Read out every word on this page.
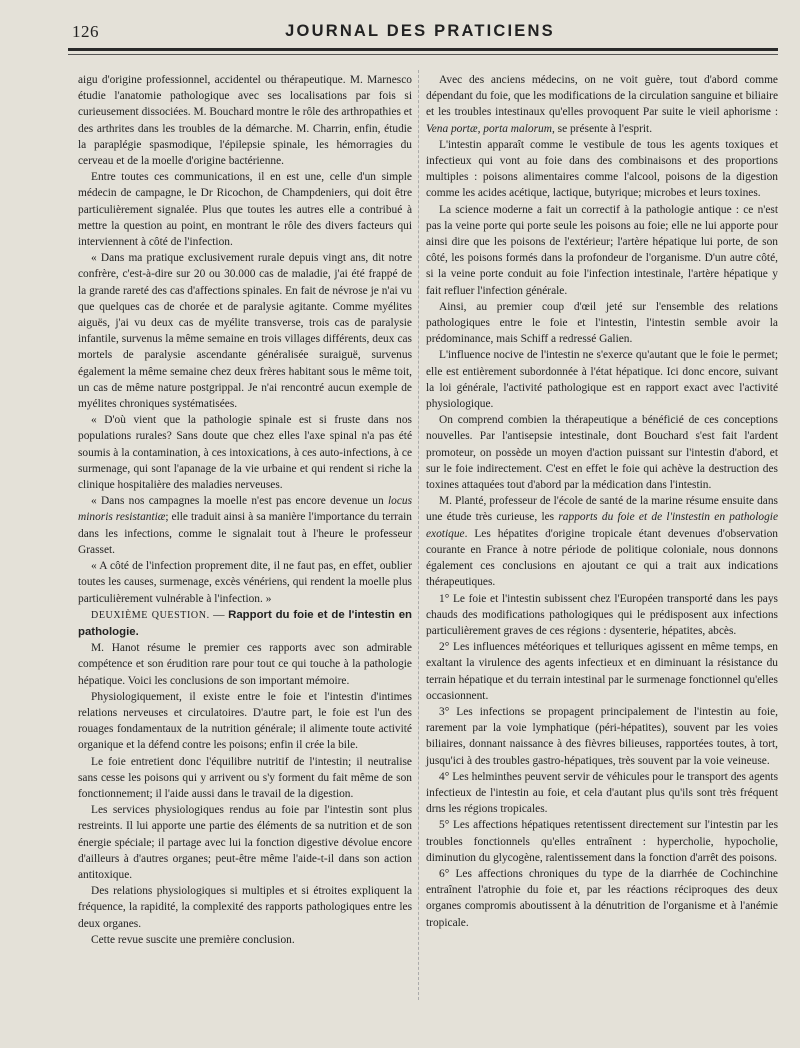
126	JOURNAL DES PRATICIENS

aigu d'origine professionnel, accidentel ou thérapeutique. M. Marnesco étudie l'anatomie pathologique avec ses localisations par fois si curieusement dissociées. M. Bouchard montre le rôle des arthropathies et des arthrites dans les troubles de la démarche. M. Charrin, enfin, étudie la paraplégie spasmodique, l'épilepsie spinale, les hémorragies du cerveau et de la moelle d'origine bactérienne.

Entre toutes ces communications, il en est une, celle d'un simple médecin de campagne, le Dr Ricochon, de Champdeniers, qui doit être particulièrement signalée. Plus que toutes les autres elle a contribué à mettre la question au point, en montrant le rôle des divers facteurs qui interviennent à côté de l'infection.

« Dans ma pratique exclusivement rurale depuis vingt ans, dit notre confrère, c'est-à-dire sur 20 ou 30.000 cas de maladie, j'ai été frappé de la grande rareté des cas d'affections spinales. En fait de névrose je n'ai vu que quelques cas de chorée et de paralysie agitante. Comme myélites aiguës, j'ai vu deux cas de myélite transverse, trois cas de paralysie infantile, survenus la même semaine en trois villages différents, deux cas mortels de paralysie ascendante généralisée suraiguë, survenus également la même semaine chez deux frères habitant sous le même toit, un cas de même nature postgrippal. Je n'ai rencontré aucun exemple de myélites chroniques systématisées.

« D'où vient que la pathologie spinale est si fruste dans nos populations rurales? Sans doute que chez elles l'axe spinal n'a pas été soumis à la contamination, à ces intoxications, à ces auto-infections, à ce surmenage, qui sont l'apanage de la vie urbaine et qui rendent si riche la clinique hospitalière des maladies nerveuses.

« Dans nos campagnes la moelle n'est pas encore devenue un locus minoris resistantiæ; elle traduit ainsi à sa manière l'importance du terrain dans les infections, comme le signalait tout à l'heure le professeur Grasset.

« A côté de l'infection proprement dite, il ne faut pas, en effet, oublier toutes les causes, surmenage, excès vénériens, qui rendent la moelle plus particulièrement vulnérable à l'infection. »

DEUXIÈME QUESTION. — Rapport du foie et de l'intestin en pathologie.

M. Hanot résume le premier ces rapports avec son admirable compétence et son érudition rare pour tout ce qui touche à la pathologie hépatique. Voici les conclusions de son important mémoire.

Physiologiquement, il existe entre le foie et l'intestin d'intimes relations nerveuses et circulatoires. D'autre part, le foie est l'un des rouages fondamentaux de la nutrition générale; il alimente toute activité organique et la défend contre les poisons; enfin il crée la bile.

Le foie entretient donc l'équilibre nutritif de l'intestin; il neutralise sans cesse les poisons qui y arrivent ou s'y forment du fait même de son fonctionnement; il l'aide aussi dans le travail de la digestion.

Les services physiologiques rendus au foie par l'intestin sont plus restreints. Il lui apporte une partie des éléments de sa nutrition et de son énergie spéciale; il partage avec lui la fonction digestive dévolue encore d'ailleurs à d'autres organes; peut-être même l'aide-t-il dans son action antitoxique.

Des relations physiologiques si multiples et si étroites expliquent la fréquence, la rapidité, la complexité des rapports pathologiques entre les deux organes.

Cette revue suscite une première conclusion.

Avec des anciens médecins, on ne voit guère, tout d'abord comme dépendant du foie, que les modifications de la circulation sanguine et biliaire et les troubles intestinaux qu'elles provoquent Par suite le vieil aphorisme : Vena portæ, porta malorum, se présente à l'esprit.

L'intestin apparaît comme le vestibule de tous les agents toxiques et infectieux qui vont au foie dans des combinaisons et des proportions multiples : poisons alimentaires comme l'alcool, poisons de la digestion comme les acides acétique, lactique, butyrique; microbes et leurs toxines.

La science moderne a fait un correctif à la pathologie antique : ce n'est pas la veine porte qui porte seule les poisons au foie; elle ne lui apporte pour ainsi dire que les poisons de l'extérieur; l'artère hépatique lui porte, de son côté, les poisons formés dans la profondeur de l'organisme. D'un autre côté, si la veine porte conduit au foie l'infection intestinale, l'artère hépatique y fait refluer l'infection générale.

Ainsi, au premier coup d'œil jeté sur l'ensemble des relations pathologiques entre le foie et l'intestin, l'intestin semble avoir la prédominance, mais Schiff a redressé Galien.

L'influence nocive de l'intestin ne s'exerce qu'autant que le foie le permet; elle est entièrement subordonnée à l'état hépatique. Ici donc encore, suivant la loi générale, l'activité pathologique est en rapport exact avec l'activité physiologique.

On comprend combien la thérapeutique a bénéficié de ces conceptions nouvelles. Par l'antisepsie intestinale, dont Bouchard s'est fait l'ardent promoteur, on possède un moyen d'action puissant sur l'intestin d'abord, et sur le foie indirectement. C'est en effet le foie qui achève la destruction des toxines attaquées tout d'abord par la médication dans l'intestin.

M. Planté, professeur de l'école de santé de la marine résume ensuite dans une étude très curieuse, les rapports du foie et de l'instestin en pathologie exotique. Les hépatites d'origine tropicale étant devenues d'observation courante en France à notre période de politique coloniale, nous donnons également ces conclusions en ajoutant ce qui a trait aux indications thérapeutiques.

1° Le foie et l'intestin subissent chez l'Européen transporté dans les pays chauds des modifications pathologiques qui le prédisposent aux infections particulièrement graves de ces régions : dysenterie, hépatites, abcès.

2° Les influences météoriques et telluriques agissent en même temps, en exaltant la virulence des agents infectieux et en diminuant la résistance du terrain hépatique et du terrain intestinal par le surmenage fonctionnel qu'elles occasionnent.

3° Les infections se propagent principalement de l'intestin au foie, rarement par la voie lymphatique (péri-hépatites), souvent par les voies biliaires, donnant naissance à des fièvres bilieuses, rapportées toutes, à tort, jusqu'ici à des troubles gastro-hépatiques, très souvent par la voie veineuse.

4° Les helminthes peuvent servir de véhicules pour le transport des agents infectieux de l'intestin au foie, et cela d'autant plus qu'ils sont très fréquent drns les régions tropicales.

5° Les affections hépatiques retentissent directement sur l'intestin par les troubles fonctionnels qu'elles entraînent : hypercholie, hypocholie, diminution du glycogène, ralentissement dans la fonction d'arrêt des poisons.

6° Les affections chroniques du type de la diarrhée de Cochinchine entraînent l'atrophie du foie et, par les réactions réciproques des deux organes compromis aboutissent à la dénutrition de l'organisme et à l'anémie tropicale.
